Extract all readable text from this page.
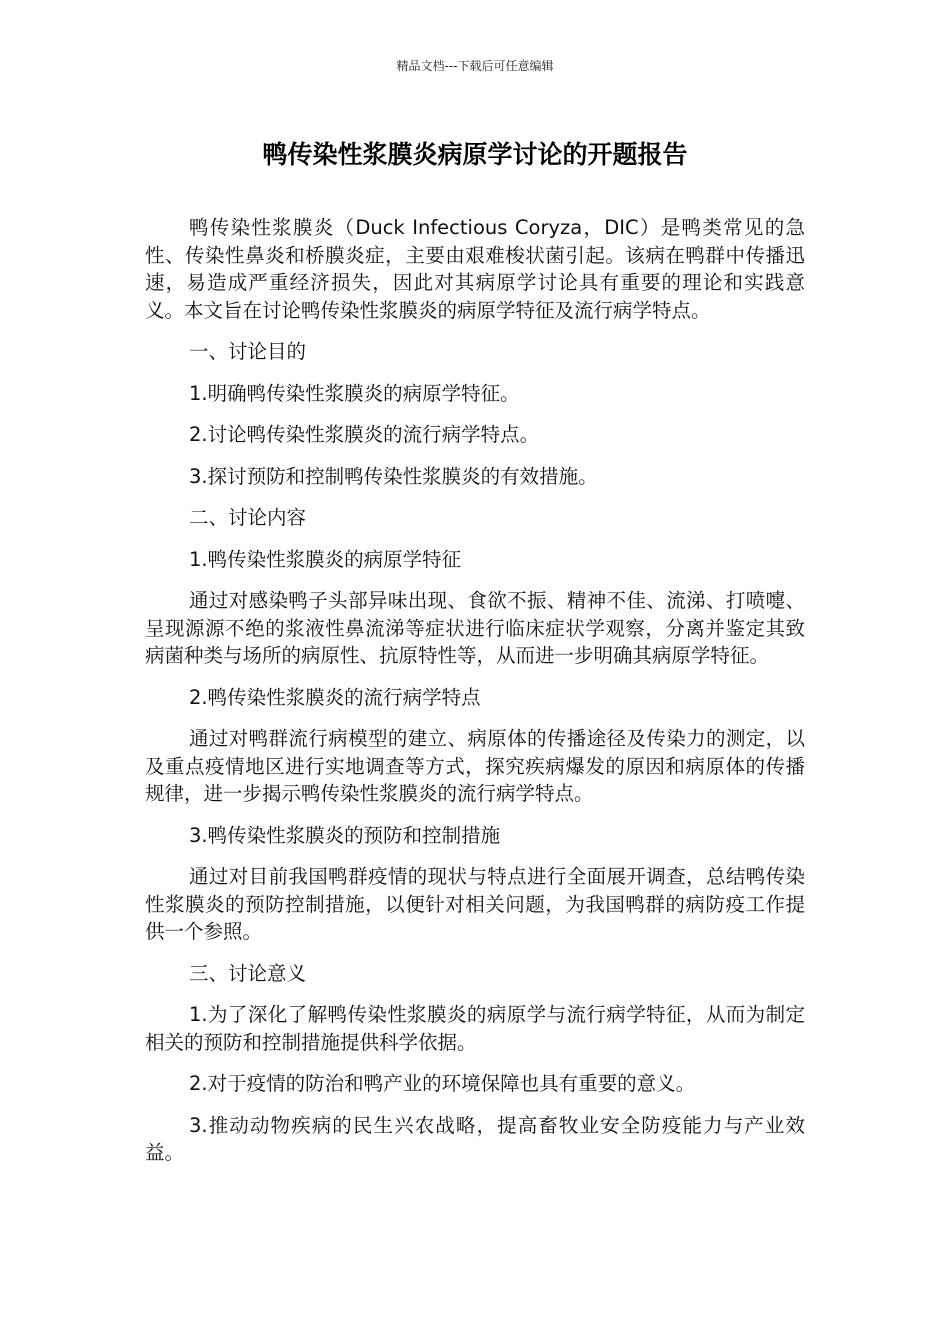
精品文档---下载后可任意编辑
鸭传染性浆膜炎病原学讨论的开题报告

鸭传染性浆膜炎（Duck Infectious Coryza，DIC）是鸭类常见的急性、传染性鼻炎和桥膜炎症，主要由艰难梭状菌引起。该病在鸭群中传播迅速，易造成严重经济损失，因此对其病原学讨论具有重要的理论和实践意义。本文旨在讨论鸭传染性浆膜炎的病原学特征及流行病学特点。

一、讨论目的

1.明确鸭传染性浆膜炎的病原学特征。

2.讨论鸭传染性浆膜炎的流行病学特点。

3.探讨预防和控制鸭传染性浆膜炎的有效措施。

二、讨论内容

1.鸭传染性浆膜炎的病原学特征

通过对感染鸭子头部异味出现、食欲不振、精神不佳、流涕、打喷嚏、呈现源源不绝的浆液性鼻流涕等症状进行临床症状学观察，分离并鉴定其致病菌种类与场所的病原性、抗原特性等，从而进一步明确其病原学特征。

2.鸭传染性浆膜炎的流行病学特点

通过对鸭群流行病模型的建立、病原体的传播途径及传染力的测定，以及重点疫情地区进行实地调查等方式，探究疾病爆发的原因和病原体的传播规律，进一步揭示鸭传染性浆膜炎的流行病学特点。

3.鸭传染性浆膜炎的预防和控制措施

通过对目前我国鸭群疫情的现状与特点进行全面展开调查，总结鸭传染性浆膜炎的预防控制措施，以便针对相关问题，为我国鸭群的病防疫工作提供一个参照。

三、讨论意义

1.为了深化了解鸭传染性浆膜炎的病原学与流行病学特征，从而为制定相关的预防和控制措施提供科学依据。

2.对于疫情的防治和鸭产业的环境保障也具有重要的意义。

3.推动动物疾病的民生兴农战略，提高畜牧业安全防疫能力与产业效益。
